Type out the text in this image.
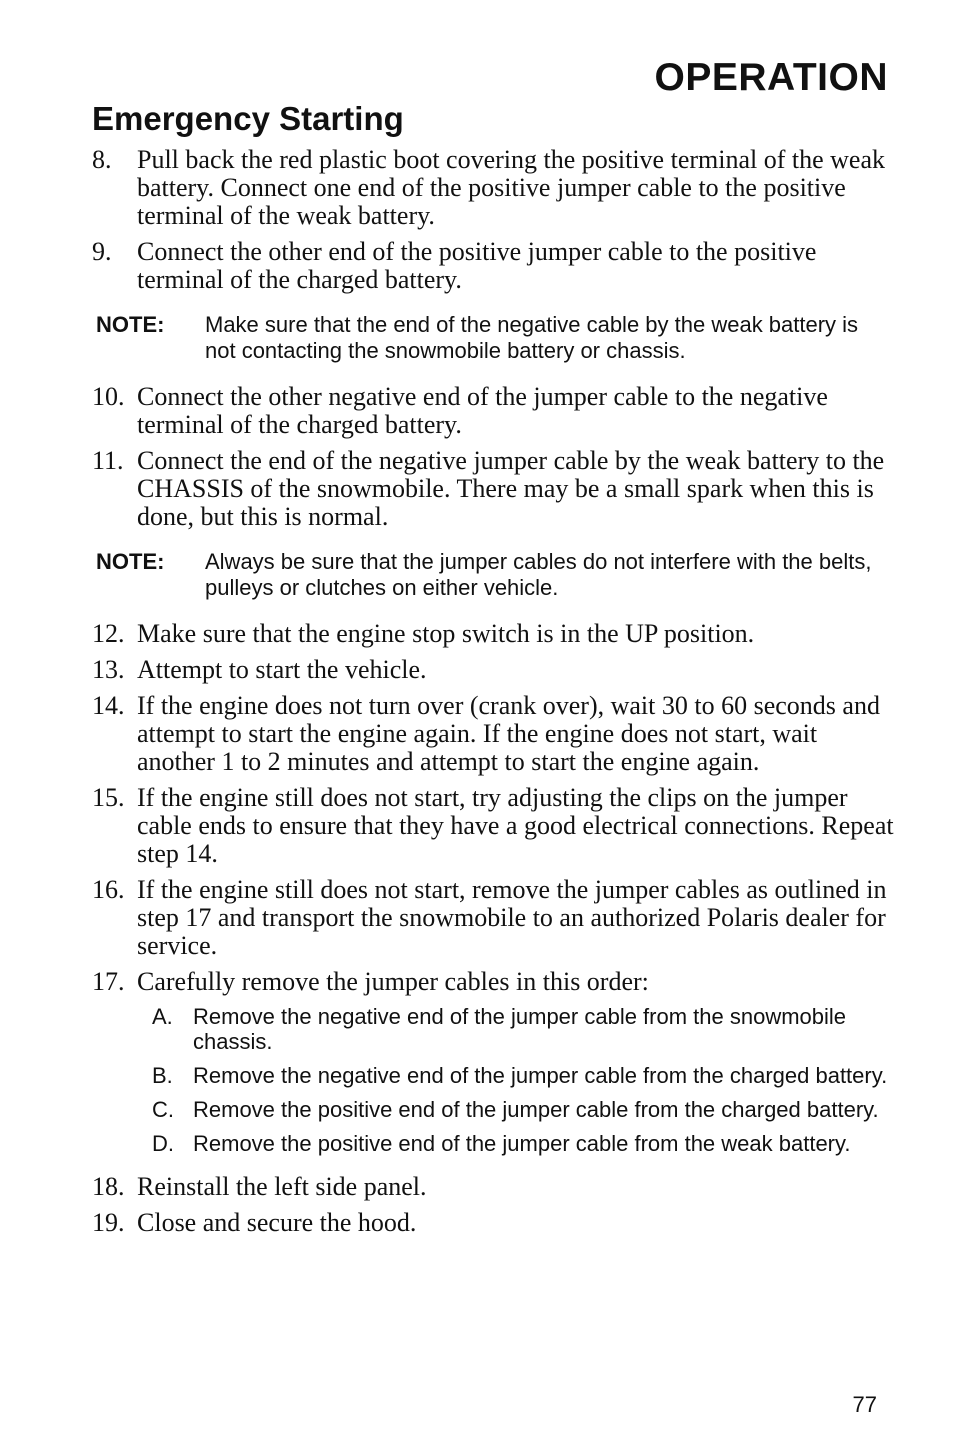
OPERATION
Emergency Starting
8. Pull back the red plastic boot covering the positive terminal of the weak battery. Connect one end of the positive jumper cable to the positive terminal of the weak battery.
9. Connect the other end of the positive jumper cable to the positive terminal of the charged battery.
NOTE: Make sure that the end of the negative cable by the weak battery is not contacting the snowmobile battery or chassis.
10. Connect the other negative end of the jumper cable to the negative terminal of the charged battery.
11. Connect the end of the negative jumper cable by the weak battery to the CHASSIS of the snowmobile. There may be a small spark when this is done, but this is normal.
NOTE: Always be sure that the jumper cables do not interfere with the belts, pulleys or clutches on either vehicle.
12. Make sure that the engine stop switch is in the UP position.
13. Attempt to start the vehicle.
14. If the engine does not turn over (crank over), wait 30 to 60 seconds and attempt to start the engine again. If the engine does not start, wait another 1 to 2 minutes and attempt to start the engine again.
15. If the engine still does not start, try adjusting the clips on the jumper cable ends to ensure that they have a good electrical connections. Repeat step 14.
16. If the engine still does not start, remove the jumper cables as outlined in step 17 and transport the snowmobile to an authorized Polaris dealer for service.
17. Carefully remove the jumper cables in this order:
A. Remove the negative end of the jumper cable from the snowmobile chassis.
B. Remove the negative end of the jumper cable from the charged battery.
C. Remove the positive end of the jumper cable from the charged battery.
D. Remove the positive end of the jumper cable from the weak battery.
18. Reinstall the left side panel.
19. Close and secure the hood.
77
